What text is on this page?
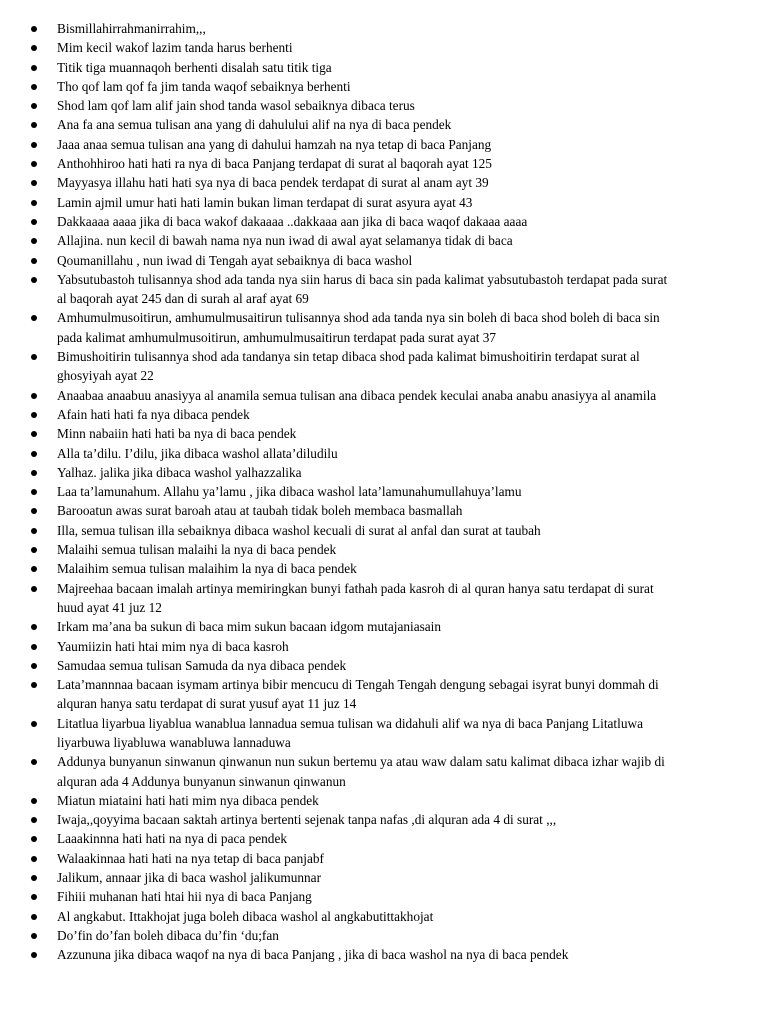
Bismillahirrahmanirrahim,,,
Mim kecil wakof lazim tanda harus berhenti
Titik tiga muannaqoh berhenti disalah satu titik tiga
Tho qof lam qof fa jim tanda waqof sebaiknya berhenti
Shod lam qof lam alif jain shod tanda wasol sebaiknya dibaca terus
Ana fa ana semua tulisan ana yang di dahulului alif na nya di baca pendek
Jaaa anaa semua tulisan ana yang di dahului hamzah na nya tetap di baca Panjang
Anthohhiroo hati hati ra nya di baca Panjang terdapat di surat al baqorah ayat 125
Mayyasya illahu hati hati sya nya di baca pendek terdapat di surat al anam ayt 39
Lamin ajmil umur hati hati lamin bukan liman terdapat di surat asyura ayat 43
Dakkaaaa aaaa jika di baca wakof dakaaaa ..dakkaaa aan jika di baca waqof dakaaa aaaa
Allajina. nun kecil di bawah nama nya nun iwad di awal ayat selamanya tidak di baca
Qoumanillahu , nun iwad di Tengah ayat sebaiknya di baca washol
Yabsutubastoh tulisannya shod ada tanda nya siin harus di baca sin pada kalimat yabsutubastoh terdapat pada surat al baqorah ayat 245 dan di surah al araf ayat 69
Amhumulmusoitirun, amhumulmusaitirun tulisannya shod ada tanda nya sin boleh di baca shod boleh di baca sin pada kalimat amhumulmusoitirun, amhumulmusaitirun terdapat pada surat ayat 37
Bimushoitirin tulisannya shod ada tandanya sin tetap dibaca shod pada kalimat bimushoitirin terdapat surat al ghosyiyah ayat 22
Anaabaa anaabuu anasiyya al anamila semua tulisan ana dibaca pendek keculai anaba anabu anasiyya al anamila
Afain hati hati fa nya dibaca pendek
Minn nabaiin hati hati ba nya di baca pendek
Alla ta’dilu. I’dilu, jika dibaca washol allata’diludilu
Yalhaz. jalika jika dibaca washol yalhazzalika
Laa ta’lamunahum. Allahu ya’lamu , jika dibaca washol lata’lamunahumullahuya’lamu
Barooatun awas surat baroah atau at taubah tidak boleh membaca basmallah
Illa, semua tulisan illa sebaiknya dibaca washol kecuali di surat al anfal dan surat at taubah
Malaihi semua tulisan malaihi la nya di baca pendek
Malaihim semua tulisan malaihim la nya di baca pendek
Majreehaa bacaan imalah artinya memiringkan bunyi fathah pada kasroh di al quran hanya satu terdapat di surat huud ayat 41 juz 12
Irkam ma’ana ba sukun di baca mim sukun bacaan idgom mutajaniasain
Yaumiizin hati htai mim nya di baca kasroh
Samudaa semua tulisan Samuda da nya dibaca pendek
Lata’mannnaa bacaan isymam artinya bibir mencucu di Tengah Tengah dengung sebagai isyrat bunyi dommah di alquran hanya satu terdapat di surat yusuf ayat 11 juz 14
Litatlua liyarbua liyablua wanablua lannadua semua tulisan wa didahuli alif wa nya di baca Panjang Litatluwa liyarbuwa liyabluwa wanabluwa lannaduwa
Addunya bunyanun sinwanun qinwanun nun sukun bertemu ya atau waw dalam satu kalimat dibaca izhar wajib di alquran ada 4 Addunya bunyanun sinwanun qinwanun
Miatun miataini hati hati mim nya dibaca pendek
Iwaja,,qoyyima bacaan saktah artinya bertenti sejenak tanpa nafas ,di alquran ada 4 di surat ,,,
Laaakinnna hati hati na nya di paca pendek
Walaakinnaa hati hati na nya tetap di baca panjabf
Jalikum, annaar jika di baca washol jalikumunnar
Fihiii muhanan hati htai hii nya di baca Panjang
Al angkabut. Ittakhojat juga boleh dibaca washol al angkabutittakhojat
Do’fin do’fan boleh dibaca du’fin ‘du;fan
Azzununa jika dibaca waqof na nya di baca Panjang , jika di baca washol na nya di baca pendek
